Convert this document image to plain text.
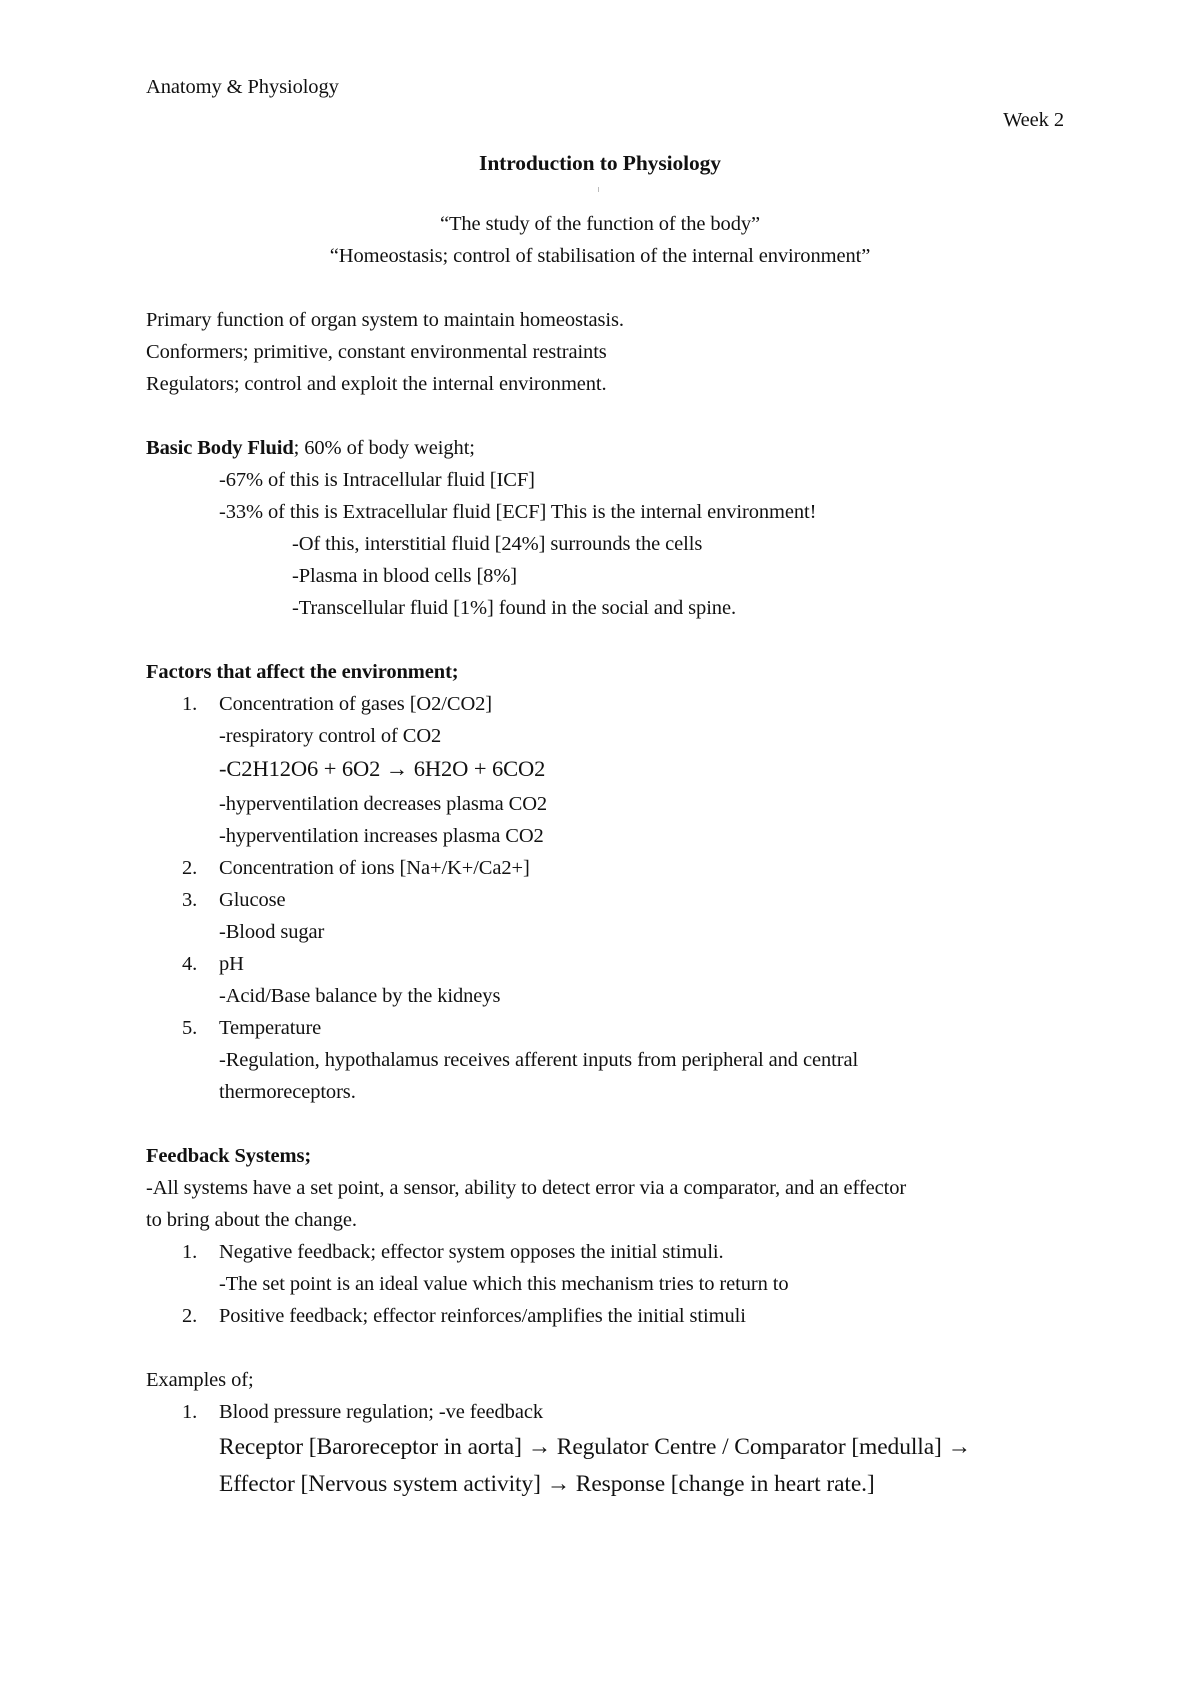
Anatomy & Physiology
Week 2
Introduction to Physiology
“The study of the function of the body”
“Homeostasis; control of stabilisation of the internal environment”
Primary function of organ system to maintain homeostasis.
Conformers; primitive, constant environmental restraints
Regulators; control and exploit the internal environment.
Basic Body Fluid; 60% of body weight;
-67% of this is Intracellular fluid [ICF]
-33% of this is Extracellular fluid [ECF] This is the internal environment!
-Of this, interstitial fluid [24%] surrounds the cells
-Plasma in blood cells [8%]
-Transcellular fluid [1%] found in the social and spine.
Factors that affect the environment;
1. Concentration of gases [O2/CO2]
-respiratory control of CO2
-C2H12O6 + 6O2 → 6H2O + 6CO2
-hyperventilation decreases plasma CO2
-hyperventilation increases plasma CO2
2. Concentration of ions [Na+/K+/Ca2+]
3. Glucose
-Blood sugar
4. pH
-Acid/Base balance by the kidneys
5. Temperature
-Regulation, hypothalamus receives afferent inputs from peripheral and central
thermoreceptors.
Feedback Systems;
-All systems have a set point, a sensor, ability to detect error via a comparator, and an effector
to bring about the change.
1. Negative feedback; effector system opposes the initial stimuli.
-The set point is an ideal value which this mechanism tries to return to
2. Positive feedback; effector reinforces/amplifies the initial stimuli
Examples of;
1. Blood pressure regulation; -ve feedback
Receptor [Baroreceptor in aorta] → Regulator Centre / Comparator [medulla] →
Effector [Nervous system activity] → Response [change in heart rate.]
